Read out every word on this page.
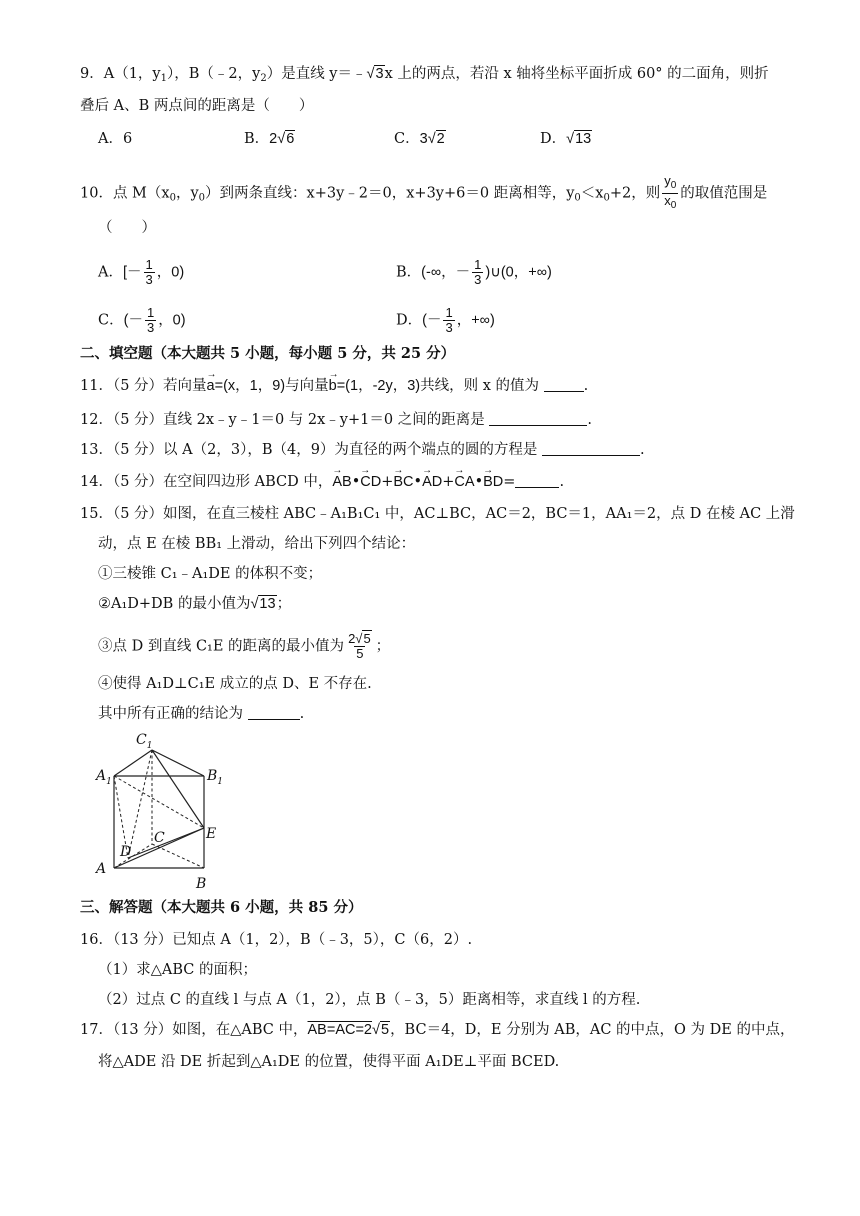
9．A（1，$y_1$），B（﹣2，$y_2$）是直线 y＝﹣√3x 上的两点，若沿 x 轴将坐标平面折成 60° 的二面角，则折
叠后 A、B 两点间的距离是（　　）
A．6	B．2√6	C．3√2	D．√13
10．点 $M(x_0$，$y_0$）到两条直线：x+3y﹣2＝0，x+3y+6＝0 距离相等，$y_0<x_0+2$，则 $\frac{y_0}{x_0}$ 的取值范围是
（　　）
A．[－ $\frac{1}{3}$ ，0)	B．(-∞，－ $\frac{1}{3}$ )∪(0，+∞)
C．(－ $\frac{1}{3}$ ，0)	D．(－ $\frac{1}{3}$ ，+∞)
二、填空题（本大题共 5 小题，每小题 5 分，共 25 分）
11．（5 分）若向量→ a=(x，1，9)与向量→ b=(1，-2y，3)共线，则 x 的值为	.
12．（5 分）直线 2x﹣y﹣1＝0 与 2x﹣y+1＝0 之间的距离是	.
13．（5 分）以 A（2，3），B（4，9）为直径的两个端点的圆的方程是	.
14．（5 分）在空间四边形 ABCD 中，→ AB•→ CD+→ BC•→ AD+→ CA•→ BD=	.
15．（5 分）如图，在直三棱柱 ABC﹣A₁B₁C₁ 中，AC⊥BC，AC＝2，BC＝1，AA₁＝2，点 D 在棱 AC 上滑
动，点 E 在棱 BB₁ 上滑动，给出下列四个结论：
①三棱锥 C₁﹣A₁DE 的体积不变；
②A₁D+DB 的最小值为√13；
③点 D 到直线 C₁E 的距离的最小值为 $\frac{2√5}{5}$ ；
④使得 A₁D⊥C₁E 成立的点 D、E 不存在.
其中所有正确的结论为	.
$C_1$
$A_1$	$B_1$
C
D
E
A
B
三、解答题（本大题共 6 小题，共 85 分）
16．（13 分）已知点 A（1，2），B（﹣3，5），C（6，2）.
（1）求△ABC 的面积；
（2）过点 C 的直线 l 与点 A（1，2），点 B（﹣3，5）距离相等，求直线 l 的方程.
17．（13 分）如图，在△ABC 中，AB=AC=2√5，BC＝4，D，E 分别为 AB，AC 的中点，O 为 DE 的中点，
将△ADE 沿 DE 折起到△A₁DE 的位置，使得平面 A₁DE⊥平面 BCED.
